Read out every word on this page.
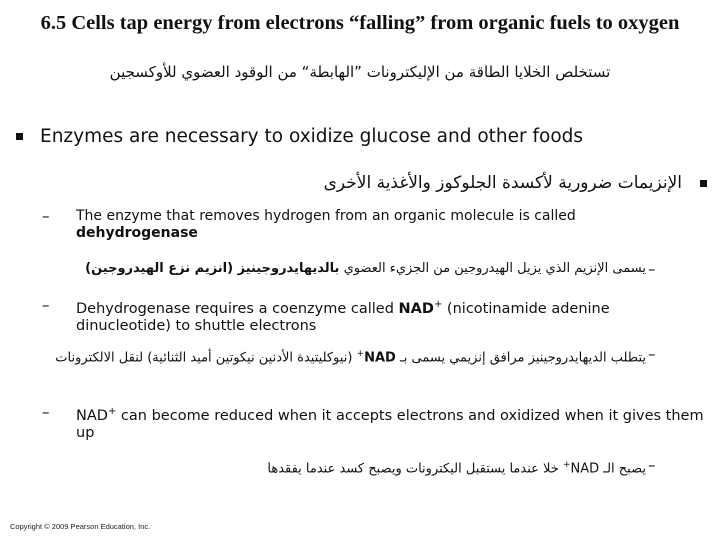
6.5 Cells tap energy from electrons “falling” from organic fuels to oxygen
تستخلص الخلايا الطاقة من الإليكترونات ”الهابطة“ من الوقود العضوي للأوكسجين
Enzymes are necessary to oxidize glucose and other foods
الإنزيمات ضرورية لأكسدة الجلوكوز والأغذية الأخرى
– The enzyme that removes hydrogen from an organic molecule is called dehydrogenase
–
يسمى الإنزيم الذي يزيل الهيدروجين من الجزيء العضوي بالديهايدروجينيز (انزيم نزع الهيدروجين)
– Dehydrogenase requires a coenzyme called NAD+ (nicotinamide adenine dinucleotide) to shuttle electrons
–
يتطلب الديهايدروجينيز مرافق إنزيمي يسمى بـ NAD+ (نيوكليتيدة الأدنين نيكوتين أميد الثنائية) لنقل الالكترونات
– NAD+ can become reduced when it accepts electrons and oxidized when it gives them up
–
يصبح الـ NAD+ خلا عندما يستقبل اليكترونات ويصبح كسد عندما يفقدها
Copyright © 2009 Pearson Education, Inc.
